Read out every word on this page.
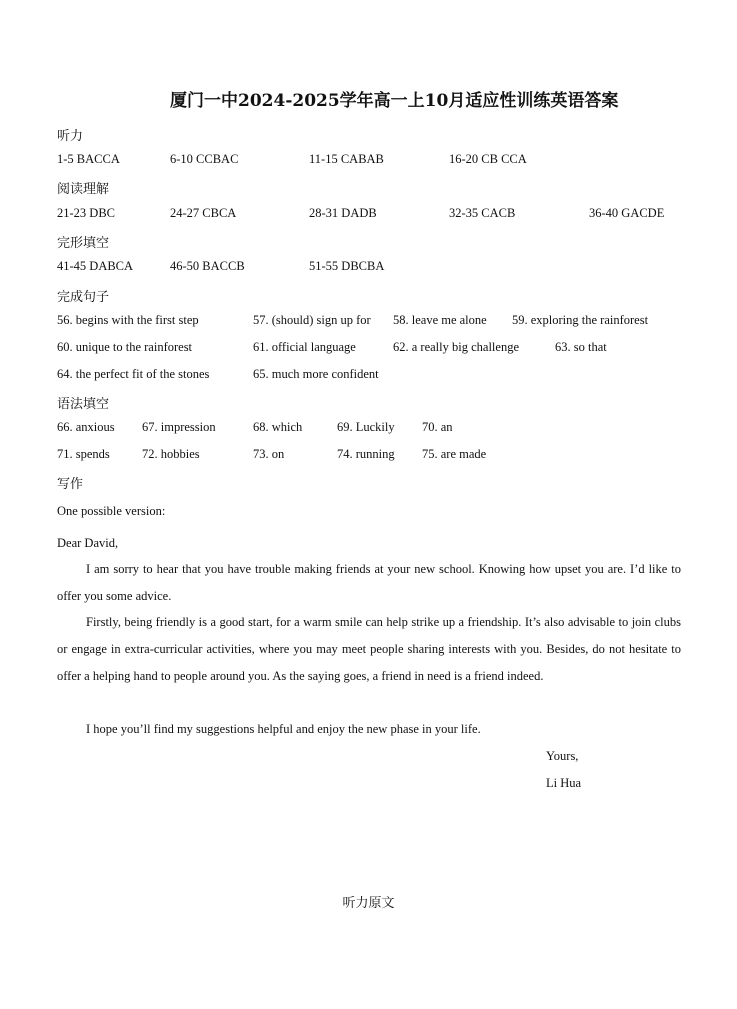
厦门一中2024-2025学年高一上10月适应性训练英语答案
听力
1-5 BACCA	6-10 CCBAC	11-15 CABAB	16-20 CB CCA
阅读理解
21-23 DBC	24-27 CBCA	28-31 DADB	32-35 CACB	36-40 GACDE
完形填空
41-45 DABCA	46-50 BACCB	51-55 DBCBA
完成句子
56. begins with the first step	57. (should) sign up for 58. leave me alone 59. exploring the rainforest
60. unique to the rainforest	61. official language	62. a really big challenge	63. so that
64. the perfect fit of the stones	65. much more confident
语法填空
66. anxious 67. impression	68. which	69. Luckily 70. an
71. spends	72. hobbies	73. on	74. running 75. are made
写作
One possible version:
Dear David,
I am sorry to hear that you have trouble making friends at your new school. Knowing how upset you are. I’d like to offer you some advice.
Firstly, being friendly is a good start, for a warm smile can help strike up a friendship. It’s also advisable to join clubs or engage in extra-curricular activities, where you may meet people sharing interests with you. Besides, do not hesitate to offer a helping hand to people around you. As the saying goes, a friend in need is a friend indeed.
I hope you’ll find my suggestions helpful and enjoy the new phase in your life.
Yours,
Li Hua
听力原文
